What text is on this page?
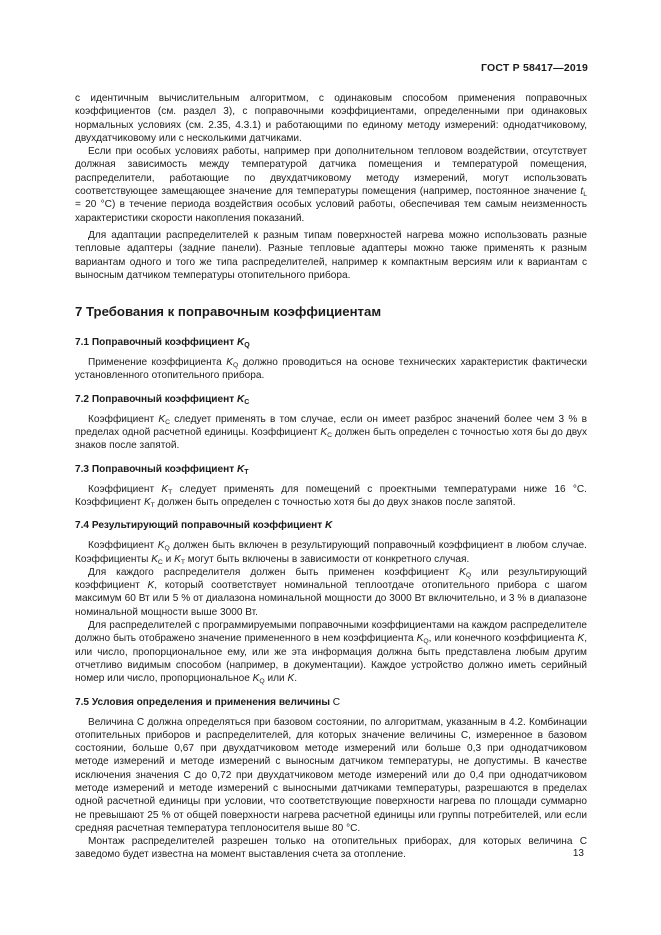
ГОСТ Р 58417—2019

с идентичным вычислительным алгоритмом, с одинаковым способом применения поправочных коэффициентов (см. раздел 3), с поправочными коэффициентами, определенными при одинаковых нормальных условиях (см. 2.35, 4.3.1) и работающими по единому методу измерений: однодатчиковому, двухдатчиковому или с несколькими датчиками.

Если при особых условиях работы, например при дополнительном тепловом воздействии, отсутствует должная зависимость между температурой датчика помещения и температурой помещения, распределители, работающие по двухдатчиковому методу измерений, могут использовать соответствующее замещающее значение для температуры помещения (например, постоянное значение $t_L = 20$ °С) в течение периода воздействия особых условий работы, обеспечивая тем самым неизменность характеристики скорости накопления показаний.

Для адаптации распределителей к разным типам поверхностей нагрева можно использовать разные тепловые адаптеры (задние панели). Разные тепловые адаптеры можно также применять к разным вариантам одного и того же типа распределителей, например к компактным версиям или к вариантам с выносным датчиком температуры отопительного прибора.

7 Требования к поправочным коэффициентам
7.1 Поправочный коэффициент $K_Q$

Применение коэффициента $K_Q$ должно проводиться на основе технических характеристик фактически установленного отопительного прибора.

7.2 Поправочный коэффициент $K_C$

Коэффициент $K_C$ следует применять в том случае, если он имеет разброс значений более чем 3 % в пределах одной расчетной единицы. Коэффициент $K_C$ должен быть определен с точностью хотя бы до двух знаков после запятой.

7.3 Поправочный коэффициент $K_T$

Коэффициент $K_T$ следует применять для помещений с проектными температурами ниже 16 °С. Коэффициент $K_T$ должен быть определен с точностью хотя бы до двух знаков после запятой.

7.4 Результирующий поправочный коэффициент K

Коэффициент $K_Q$ должен быть включен в результирующий поправочный коэффициент в любом случае. Коэффициенты $K_C$ и $K_T$ могут быть включены в зависимости от конкретного случая.

Для каждого распределителя должен быть применен коэффициент $K_Q$ или результирующий коэффициент K, который соответствует номинальной теплоотдаче отопительного прибора с шагом максимум 60 Вт или 5 % от диалазона номинальной мощности до 3000 Вт включительно, и 3 % в диапазоне номинальной мощности выше 3000 Вт.

Для распределителей с программируемыми поправочными коэффициентами на каждом распределителе должно быть отображено значение примененного в нем коэффициента $K_Q$, или конечного коэффициента K, или число, пропорциональное ему, или же эта информация должна быть представлена любым другим отчетливо видимым способом (например, в документации). Каждое устройство должно иметь серийный номер или число, пропорциональное $K_Q$ или K.

7.5 Условия определения и применения величины С

Величина С должна определяться при базовом состоянии, по алгоритмам, указанным в 4.2. Комбинации отопительных приборов и распределителей, для которых значение величины С, измеренное в базовом состоянии, больше 0,67 при двухдатчиковом методе измерений или больше 0,3 при однодатчиковом методе измерений и методе измерений с выносным датчиком температуры, не допустимы. В качестве исключения значения С до 0,72 при двухдатчиковом методе измерений или до 0,4 при однодатчиковом методе измерений и методе измерений с выносными датчиками температуры, разрешаются в пределах одной расчетной единицы при условии, что соответствующие поверхности нагрева по площади суммарно не превышают 25 % от общей поверхности нагрева расчетной единицы или группы потребителей, или если средняя расчетная температура теплоносителя выше 80 °С.

Монтаж распределителей разрешен только на отопительных приборах, для которых величина С заведомо будет известна на момент выставления счета за отопление.	13
